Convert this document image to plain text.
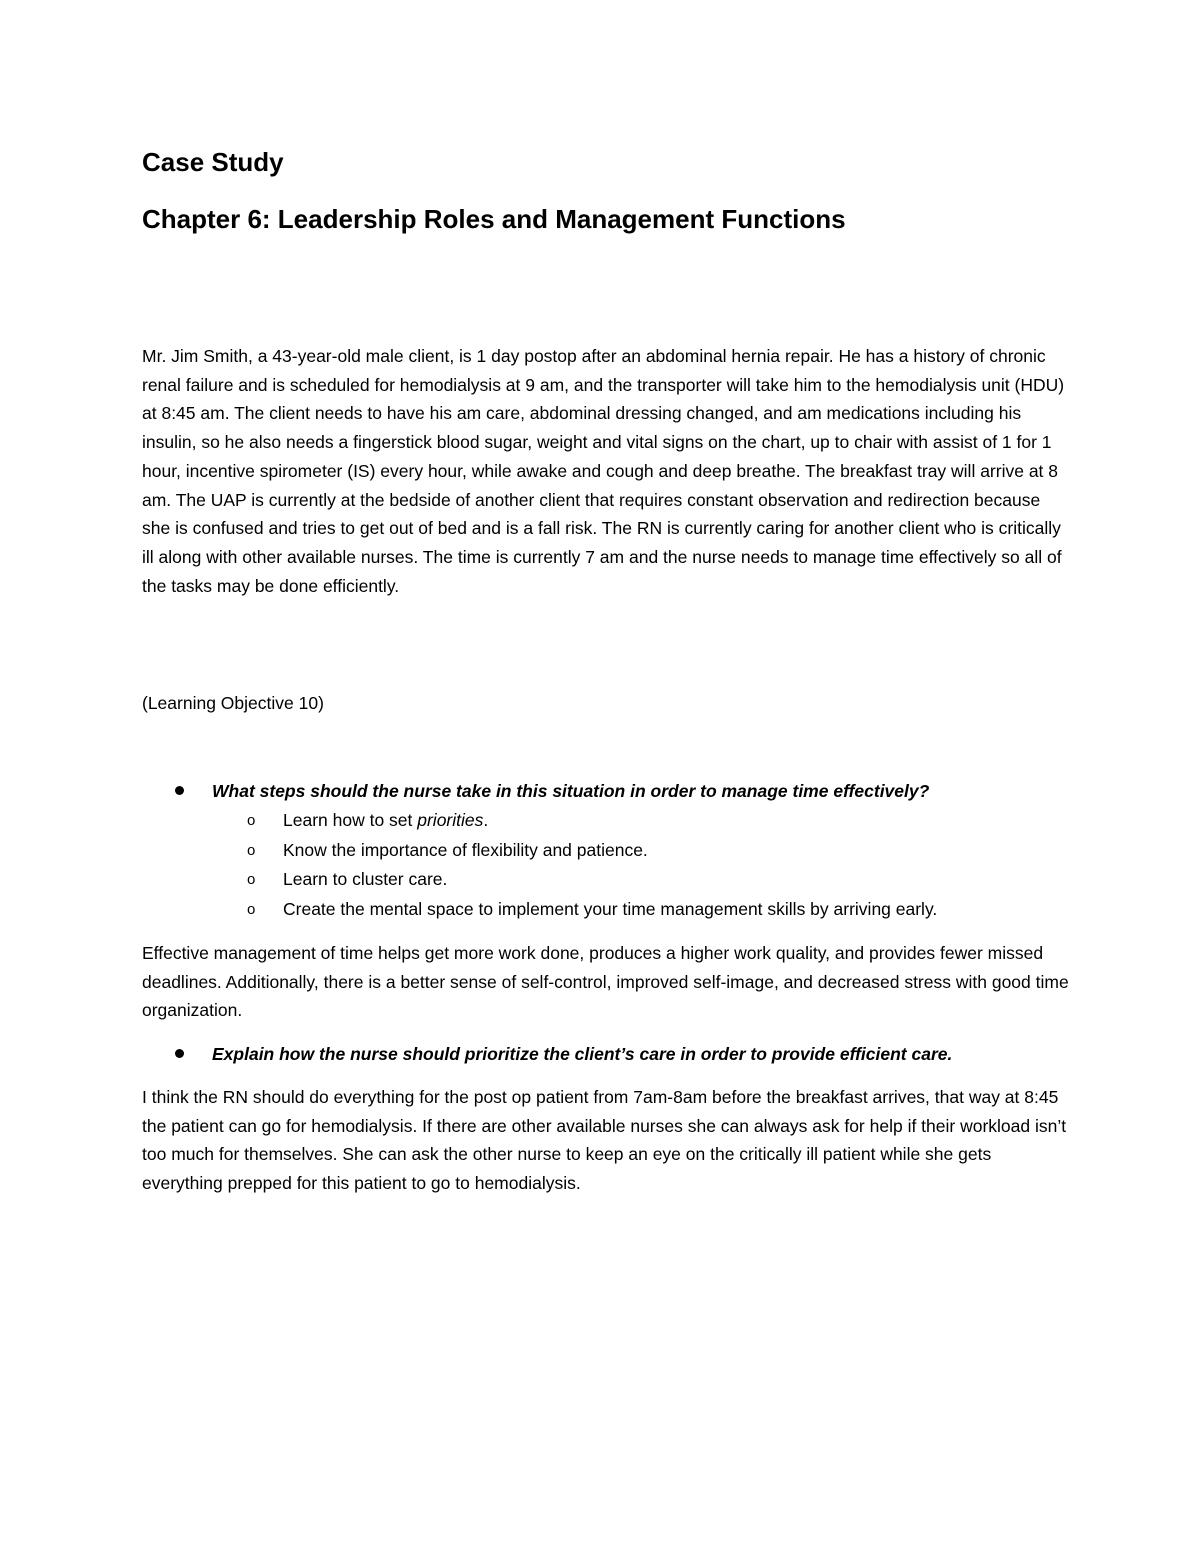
Case Study
Chapter 6: Leadership Roles and Management Functions

Mr. Jim Smith, a 43-year-old male client, is 1 day postop after an abdominal hernia repair. He has a history of chronic renal failure and is scheduled for hemodialysis at 9 am, and the transporter will take him to the hemodialysis unit (HDU) at 8:45 am. The client needs to have his am care, abdominal dressing changed, and am medications including his insulin, so he also needs a fingerstick blood sugar, weight and vital signs on the chart, up to chair with assist of 1 for 1 hour, incentive spirometer (IS) every hour, while awake and cough and deep breathe. The breakfast tray will arrive at 8 am. The UAP is currently at the bedside of another client that requires constant observation and redirection because she is confused and tries to get out of bed and is a fall risk. The RN is currently caring for another client who is critically ill along with other available nurses. The time is currently 7 am and the nurse needs to manage time effectively so all of the tasks may be done efficiently.

(Learning Objective 10)

What steps should the nurse take in this situation in order to manage time effectively?
o Learn how to set priorities.
o Know the importance of flexibility and patience.
o Learn to cluster care.
o Create the mental space to implement your time management skills by arriving early.

Effective management of time helps get more work done, produces a higher work quality, and provides fewer missed deadlines. Additionally, there is a better sense of self-control, improved self-image, and decreased stress with good time organization.

Explain how the nurse should prioritize the client’s care in order to provide efficient care.

I think the RN should do everything for the post op patient from 7am-8am before the breakfast arrives, that way at 8:45 the patient can go for hemodialysis. If there are other available nurses she can always ask for help if their workload isn’t too much for themselves. She can ask the other nurse to keep an eye on the critically ill patient while she gets everything prepped for this patient to go to hemodialysis.
